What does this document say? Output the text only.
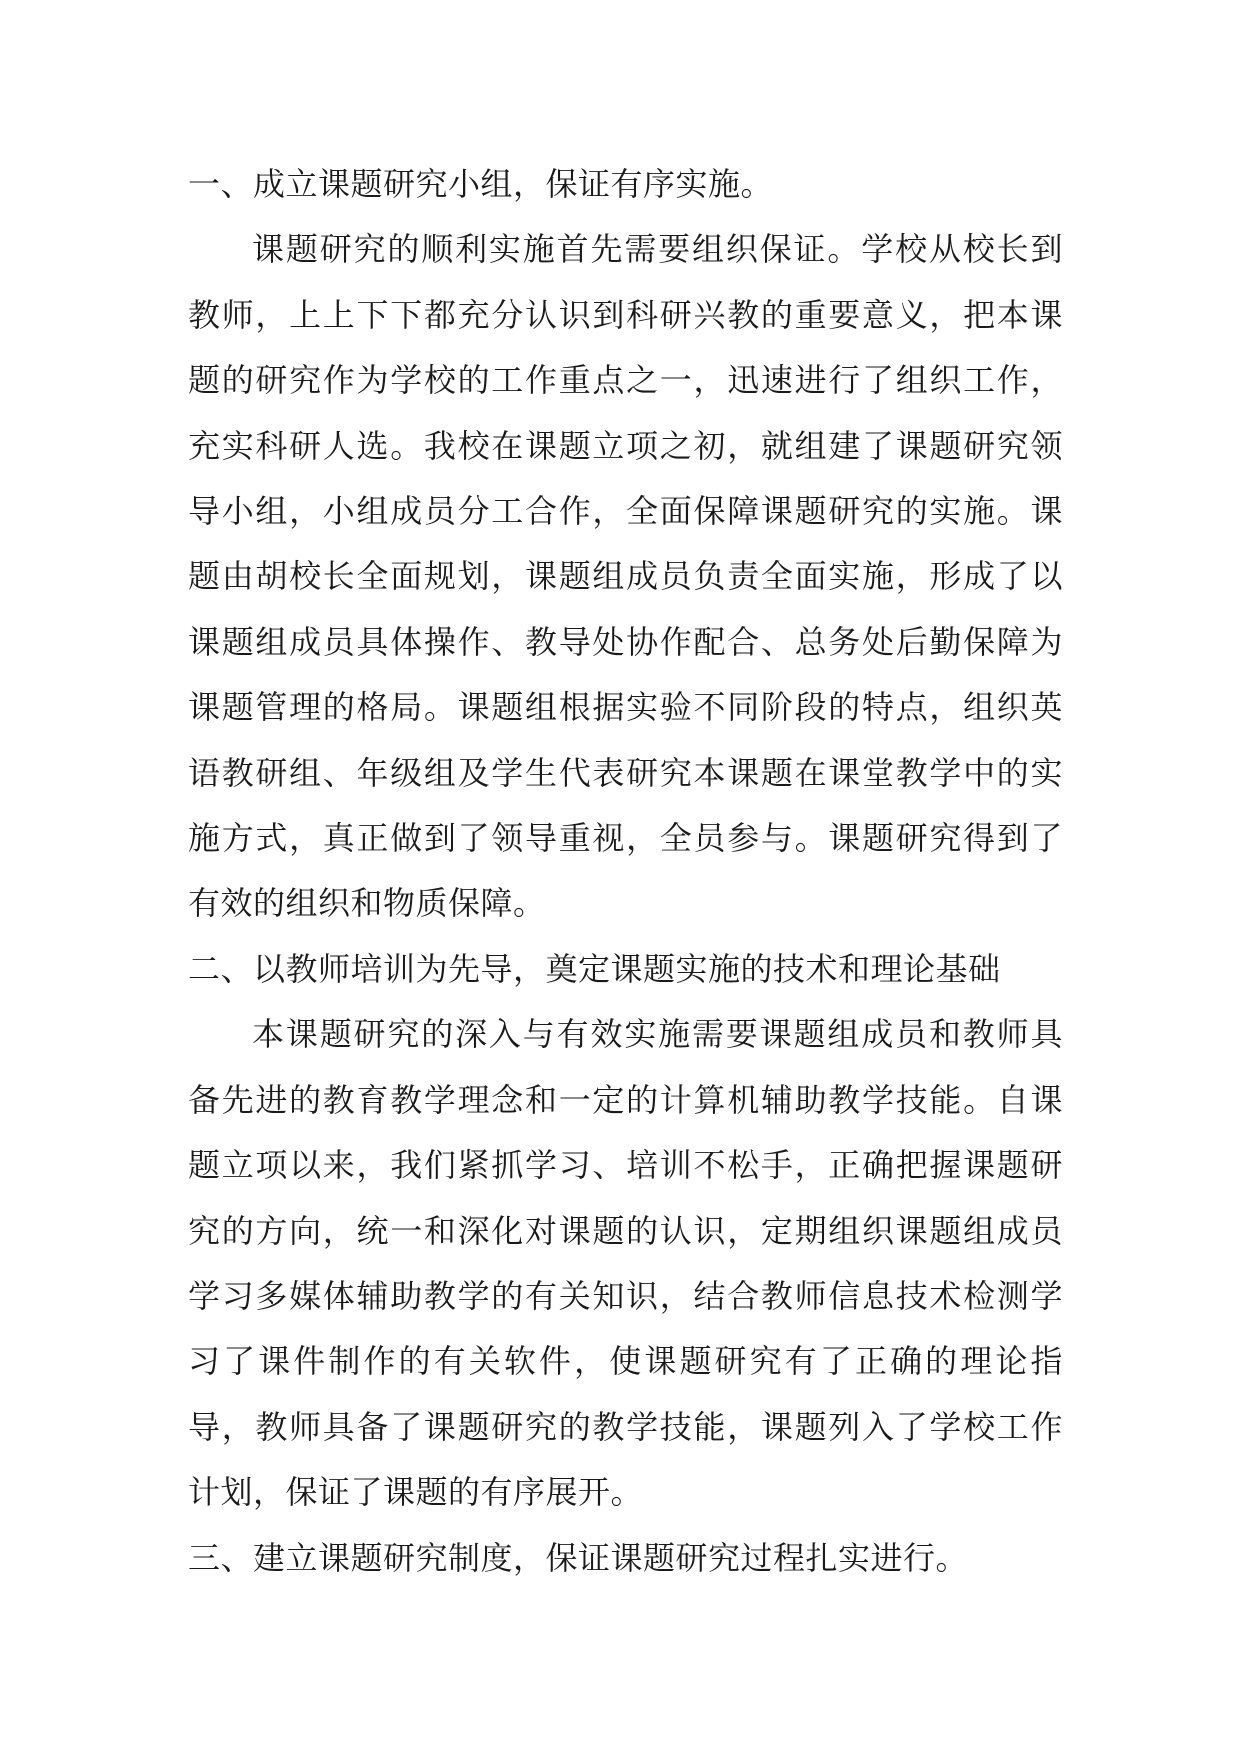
一、成立课题研究小组，保证有序实施。

课题研究的顺利实施首先需要组织保证。学校从校长到教师，上上下下都充分认识到科研兴教的重要意义，把本课题的研究作为学校的工作重点之一，迅速进行了组织工作，充实科研人选。我校在课题立项之初，就组建了课题研究领导小组，小组成员分工合作，全面保障课题研究的实施。课题由胡校长全面规划，课题组成员负责全面实施，形成了以课题组成员具体操作、教导处协作配合、总务处后勤保障为课题管理的格局。课题组根据实验不同阶段的特点，组织英语教研组、年级组及学生代表研究本课题在课堂教学中的实施方式，真正做到了领导重视，全员参与。课题研究得到了有效的组织和物质保障。

二、以教师培训为先导，奠定课题实施的技术和理论基础

本课题研究的深入与有效实施需要课题组成员和教师具备先进的教育教学理念和一定的计算机辅助教学技能。自课题立项以来，我们紧抓学习、培训不松手，正确把握课题研究的方向，统一和深化对课题的认识，定期组织课题组成员学习多媒体辅助教学的有关知识，结合教师信息技术检测学习了课件制作的有关软件，使课题研究有了正确的理论指导，教师具备了课题研究的教学技能，课题列入了学校工作计划，保证了课题的有序展开。

三、建立课题研究制度，保证课题研究过程扎实进行。
